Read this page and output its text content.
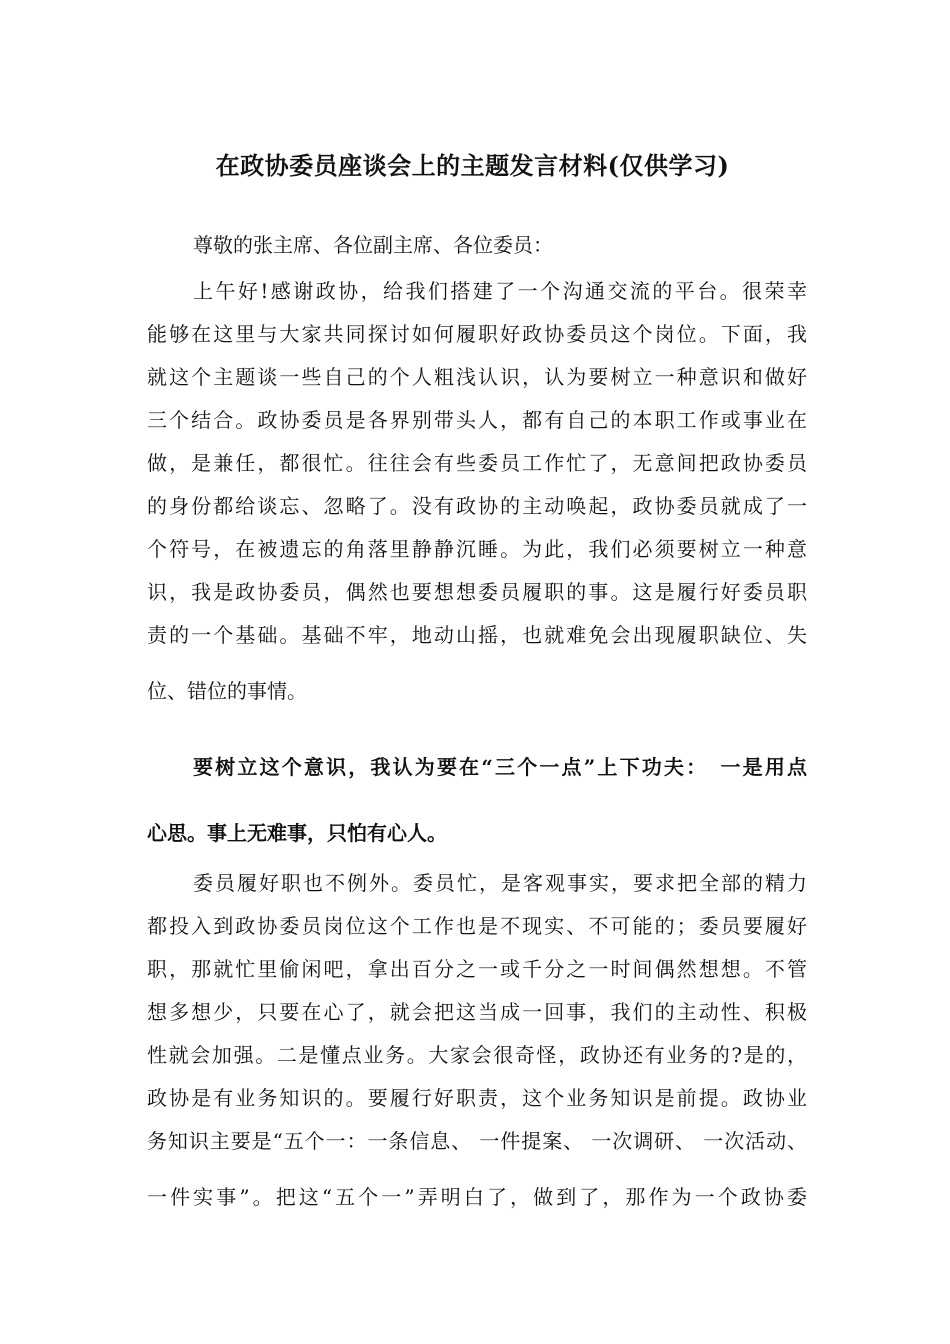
在政协委员座谈会上的主题发言材料(仅供学习)
尊敬的张主席、各位副主席、各位委员：
上午好!感谢政协，给我们搭建了一个沟通交流的平台。很荣幸
能够在这里与大家共同探讨如何履职好政协委员这个岗位。下面，我
就这个主题谈一些自己的个人粗浅认识，认为要树立一种意识和做好
三个结合。政协委员是各界别带头人，都有自己的本职工作或事业在
做，是兼任，都很忙。往往会有些委员工作忙了，无意间把政协委员
的身份都给谈忘、忽略了。没有政协的主动唤起，政协委员就成了一
个符号，在被遗忘的角落里静静沉睡。为此，我们必须要树立一种意
识，我是政协委员，偶然也要想想委员履职的事。这是履行好委员职
责的一个基础。基础不牢，地动山摇，也就难免会出现履职缺位、失
位、错位的事情。
要树立这个意识，我认为要在“三个一点”上下功夫：　一是用点
心思。事上无难事，只怕有心人。
委员履好职也不例外。委员忙，是客观事实，要求把全部的精力
都投入到政协委员岗位这个工作也是不现实、不可能的；委员要履好
职，那就忙里偷闲吧，拿出百分之一或千分之一时间偶然想想。不管
想多想少，只要在心了，就会把这当成一回事，我们的主动性、积极
性就会加强。二是懂点业务。大家会很奇怪，政协还有业务的?是的，
政协是有业务知识的。要履行好职责，这个业务知识是前提。政协业
务知识主要是“五个一：一条信息、 一件提案、 一次调研、 一次活动、
一件实事”。把这“五个一”弄明白了，做到了，那作为一个政协委
